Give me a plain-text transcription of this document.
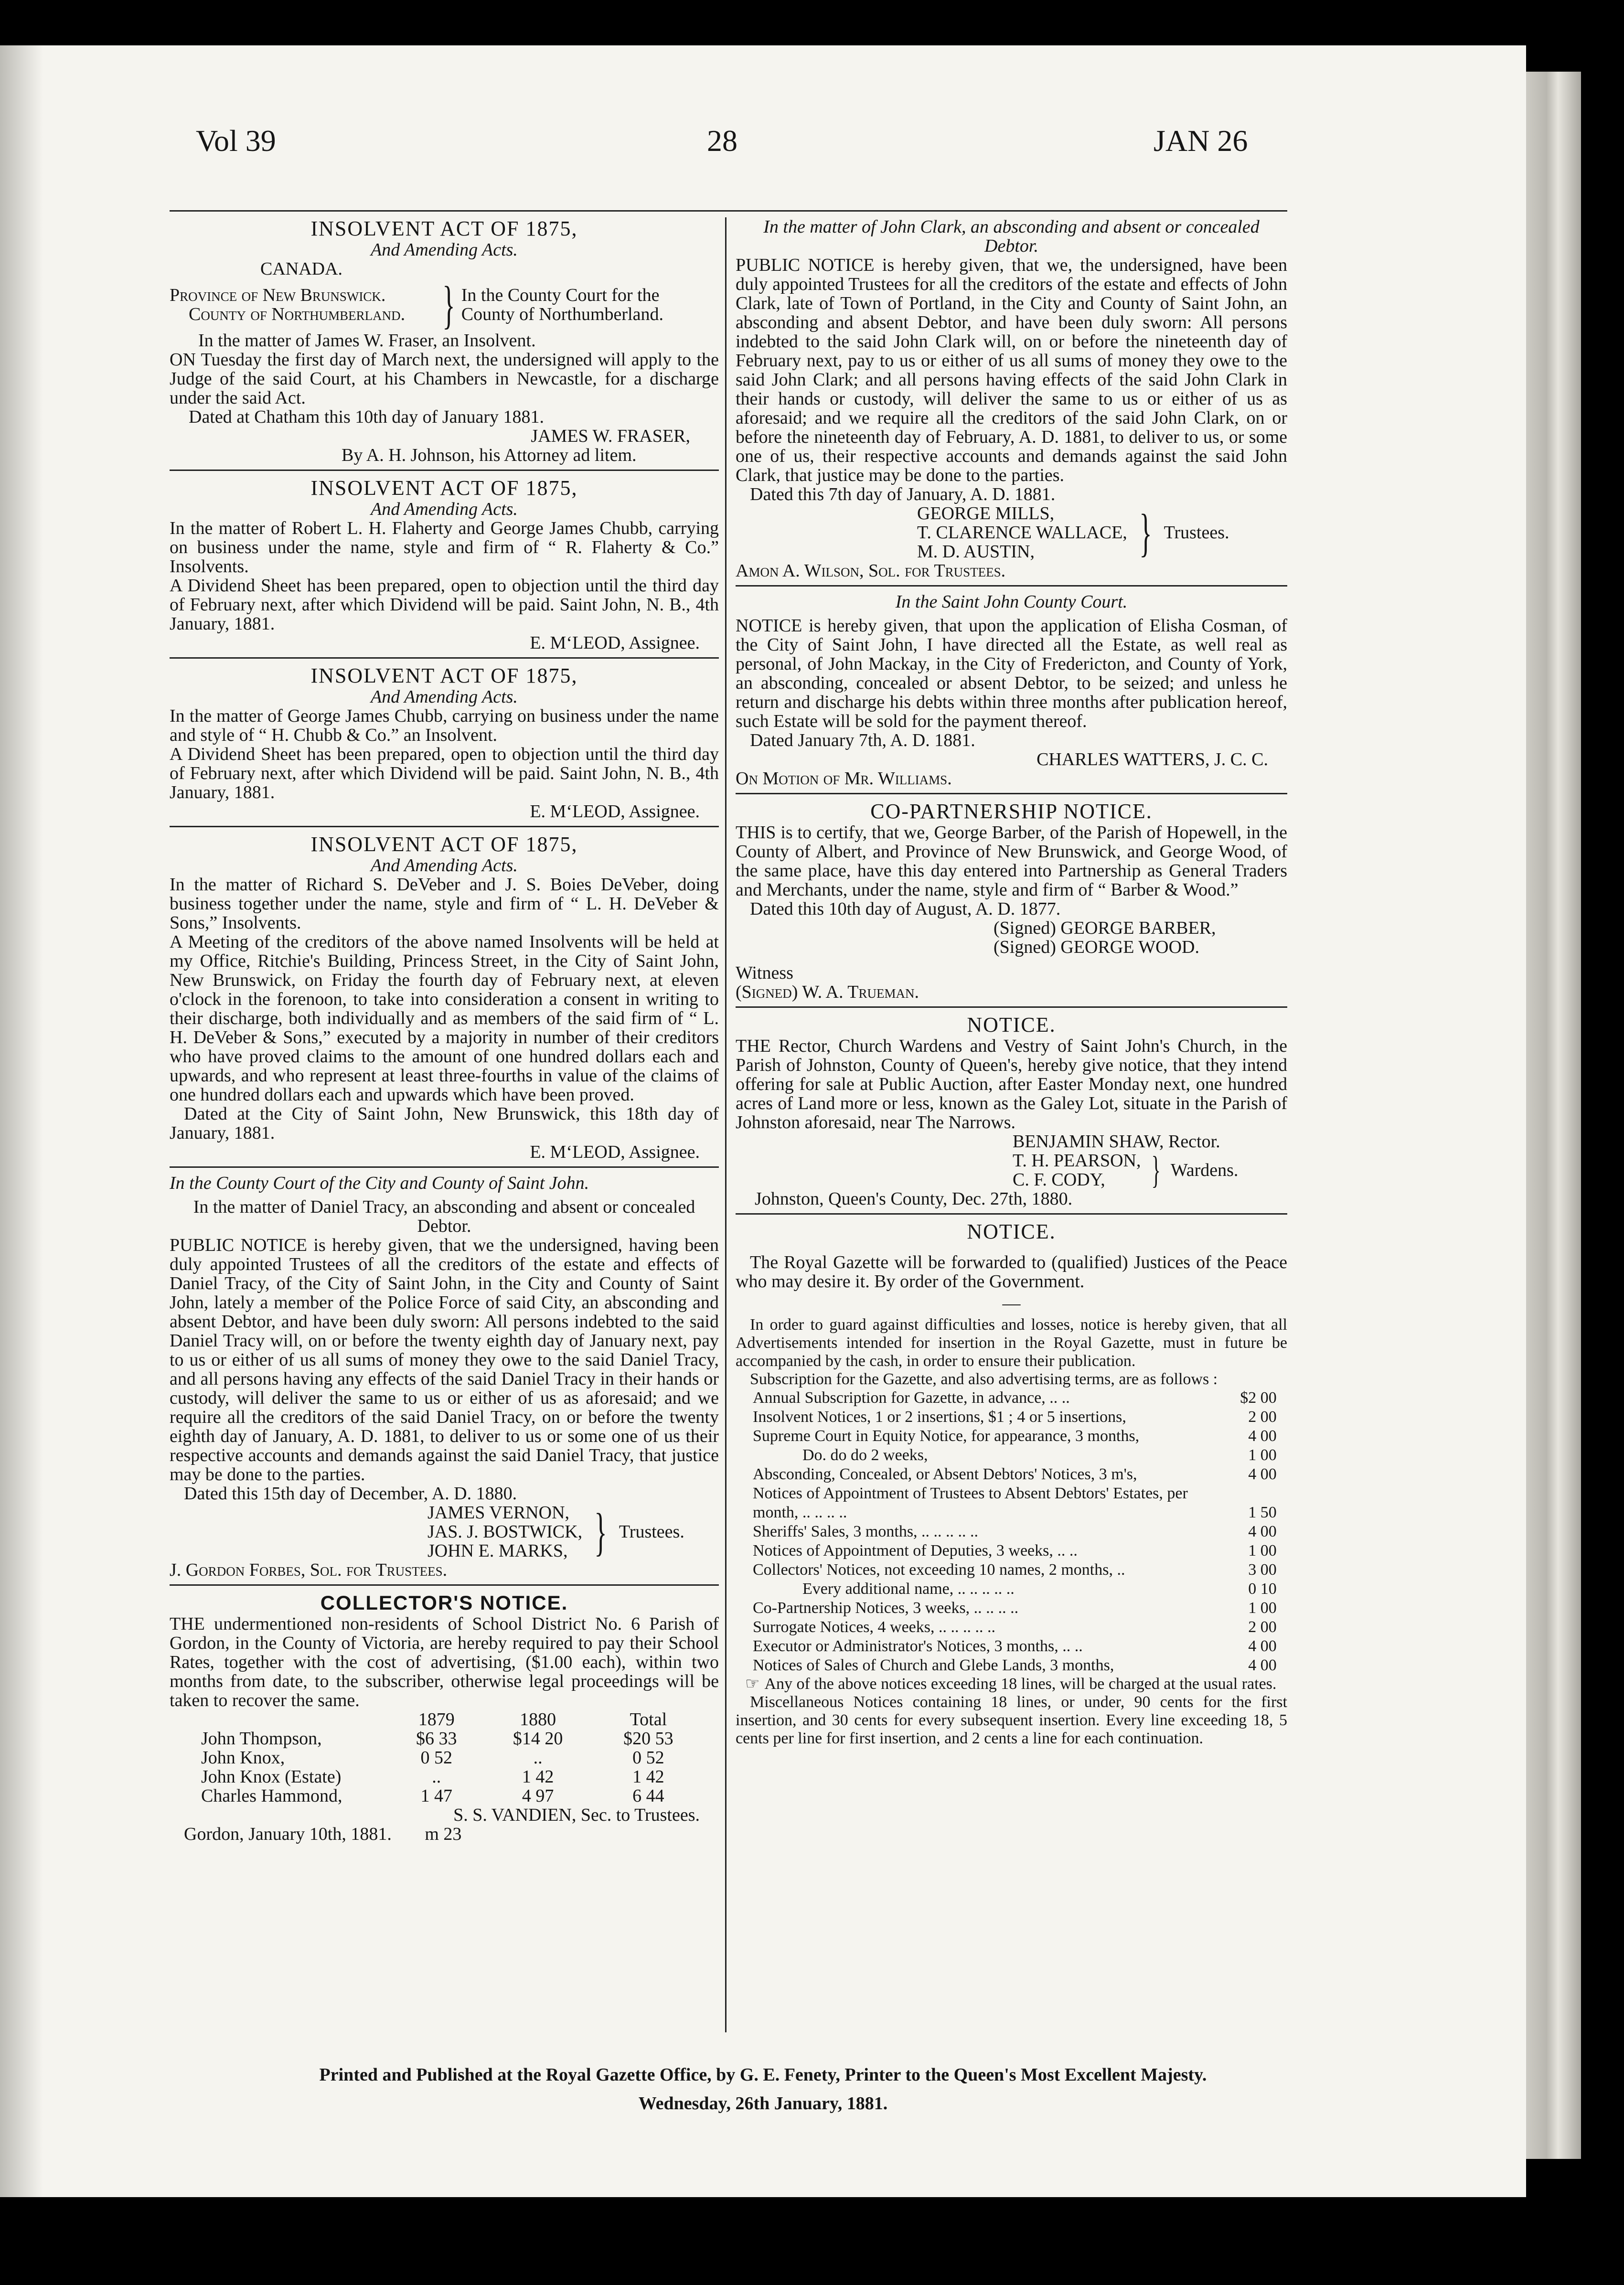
Vol 39	28	JAN 26
INSOLVENT ACT OF 1875,
And Amending Acts.
CANADA.
Province of New Brunswick.
County of Northumberland. } In the County Court for the
County of Northumberland.
In the matter of James W. Fraser, an Insolvent.

ON Tuesday the first day of March next, the undersigned will apply to the Judge of the said Court, at his Chambers in Newcastle, for a discharge under the said Act.

Dated at Chatham this 10th day of January 1881.
JAMES W. FRASER,
By A. H. Johnson, his Attorney ad litem.
INSOLVENT ACT OF 1875,
And Amending Acts.

In the matter of Robert L. H. Flaherty and George James Chubb, carrying on business under the name, style and firm of “ R. Flaherty & Co.” Insolvents.

A Dividend Sheet has been prepared, open to objection until the third day of February next, after which Dividend will be paid. Saint John, N. B., 4th January, 1881.

E. M‘LEOD, Assignee.
INSOLVENT ACT OF 1875,
And Amending Acts.

In the matter of George James Chubb, carrying on business under the name and style of “ H. Chubb & Co.” an Insolvent.

A Dividend Sheet has been prepared, open to objection until the third day of February next, after which Dividend will be paid. Saint John, N. B., 4th January, 1881.

E. M‘LEOD, Assignee.
INSOLVENT ACT OF 1875,
And Amending Acts.

In the matter of Richard S. DeVeber and J. S. Boies DeVeber, doing business together under the name, style and firm of “ L. H. DeVeber & Sons,” Insolvents.

A Meeting of the creditors of the above named Insolvents will be held at my Office, Ritchie's Building, Princess Street, in the City of Saint John, New Brunswick, on Friday the fourth day of February next, at eleven o'clock in the forenoon, to take into consideration a consent in writing to their discharge, both individually and as members of the said firm of “ L. H. DeVeber & Sons,” executed by a majority in number of their creditors who have proved claims to the amount of one hundred dollars each and upwards, and who represent at least three-fourths in value of the claims of one hundred dollars each and upwards which have been proved.

Dated at the City of Saint John, New Brunswick, this 18th day of January, 1881.

E. M‘LEOD, Assignee.
In the County Court of the City and County of Saint John.
In the matter of Daniel Tracy, an absconding and absent or concealed Debtor.

PUBLIC NOTICE is hereby given, that we the undersigned, having been duly appointed Trustees of all the creditors of the estate and effects of Daniel Tracy, of the City of Saint John, in the City and County of Saint John, lately a member of the Police Force of said City, an absconding and absent Debtor, and have been duly sworn: All persons indebted to the said Daniel Tracy will, on or before the twenty eighth day of January next, pay to us or either of us all sums of money they owe to the said Daniel Tracy, and all persons having any effects of the said Daniel Tracy in their hands or custody, will deliver the same to us or either of us as aforesaid; and we require all the creditors of the said Daniel Tracy, on or before the twenty eighth day of January, A. D. 1881, to deliver to us or some one of us their respective accounts and demands against the said Daniel Tracy, that justice may be done to the parties.

Dated this 15th day of December, A. D. 1880.
JAMES VERNON,
JAS. J. BOSTWICK,
JOHN E. MARKS, } Trustees.
J. Gordon Forbes, Sol. for Trustees.
COLLECTOR'S NOTICE.

THE undermentioned non-residents of School District No. 6 Parish of Gordon, in the County of Victoria, are hereby required to pay their School Rates, together with the cost of advertising, ($1.00 each), within two months from date, to the subscriber, otherwise legal proceedings will be taken to recover the same.

	1879	1880	Total
John Thompson,	$6 33	$14 20	$20 53
John Knox,	0 52	..	0 52
John Knox (Estate)	..	1 42	1 42
Charles Hammond,	1 47	4 97	6 44
S. S. VANDIEN, Sec. to Trustees.
Gordon, January 10th, 1881. m 23
In the matter of John Clark, an absconding and absent or concealed Debtor.

PUBLIC NOTICE is hereby given, that we, the undersigned, have been duly appointed Trustees for all the creditors of the estate and effects of John Clark, late of Town of Portland, in the City and County of Saint John, an absconding and absent Debtor, and have been duly sworn: All persons indebted to the said John Clark will, on or before the nineteenth day of February next, pay to us or either of us all sums of money they owe to the said John Clark; and all persons having effects of the said John Clark in their hands or custody, will deliver the same to us or either of us as aforesaid; and we require all the creditors of the said John Clark, on or before the nineteenth day of February, A. D. 1881, to deliver to us, or some one of us, their respective accounts and demands against the said John Clark, that justice may be done to the parties.

Dated this 7th day of January, A. D. 1881.
GEORGE MILLS,
T. CLARENCE WALLACE,
M. D. AUSTIN,	} Trustees.
Amon A. Wilson, Sol. for Trustees.
In the Saint John County Court.

NOTICE is hereby given, that upon the application of Elisha Cosman, of the City of Saint John, I have directed all the Estate, as well real as personal, of John Mackay, in the City of Fredericton, and County of York, an absconding, concealed or absent Debtor, to be seized; and unless he return and discharge his debts within three months after publication hereof, such Estate will be sold for the payment thereof.

Dated January 7th, A. D. 1881.
CHARLES WATTERS, J. C. C.
On Motion of Mr. Williams.
CO-PARTNERSHIP NOTICE.

THIS is to certify, that we, George Barber, of the Parish of Hopewell, in the County of Albert, and Province of New Brunswick, and George Wood, of the same place, have this day entered into Partnership as General Traders and Merchants, under the name, style and firm of “ Barber & Wood.”

Dated this 10th day of August, A. D. 1877.
(Signed) GEORGE BARBER,
(Signed) GEORGE WOOD.
Witness
(Signed) W. A. Trueman.
NOTICE.

THE Rector, Church Wardens and Vestry of Saint John's Church, in the Parish of Johnston, County of Queen's, hereby give notice, that they intend offering for sale at Public Auction, after Easter Monday next, one hundred acres of Land more or less, known as the Galey Lot, situate in the Parish of Johnston aforesaid, near The Narrows.

BENJAMIN SHAW, Rector.
T. H. PEARSON,
C. F. CODY,	} Wardens.
Johnston, Queen's County, Dec. 27th, 1880.
NOTICE.

The Royal Gazette will be forwarded to (qualified) Justices of the Peace who may desire it. By order of the Government.

—

In order to guard against difficulties and losses, notice is hereby given, that all Advertisements intended for insertion in the Royal Gazette, must in future be accompanied by the cash, in order to ensure their publication.

Subscription for the Gazette, and also advertising terms, are as follows :

Annual Subscription for Gazette, in advance, .. ..	$2 00
Insolvent Notices, 1 or 2 insertions, $1 ; 4 or 5 insertions,	2 00
Supreme Court in Equity Notice, for appearance, 3 months,	4 00
Do. do do 2 weeks,	1 00
Absconding, Concealed, or Absent Debtors' Notices, 3 m's,	4 00
Notices of Appointment of Trustees to Absent Debtors' Estates, per month, .. .. .. ..	1 50
Sheriffs' Sales, 3 months, .. .. .. .. ..	4 00
Notices of Appointment of Deputies, 3 weeks, .. ..	1 00
Collectors' Notices, not exceeding 10 names, 2 months, ..	3 00
Every additional name, .. .. .. .. ..	0 10
Co-Partnership Notices, 3 weeks, .. .. .. ..	1 00
Surrogate Notices, 4 weeks, .. .. .. .. ..	2 00
Executor or Administrator's Notices, 3 months, .. ..	4 00
Notices of Sales of Church and Glebe Lands, 3 months,	4 00
☞ Any of the above notices exceeding 18 lines, will be charged at the usual rates.

Miscellaneous Notices containing 18 lines, or under, 90 cents for the first insertion, and 30 cents for every subsequent insertion. Every line exceeding 18, 5 cents per line for first insertion, and 2 cents a line for each continuation.

Printed and Published at the Royal Gazette Office, by G. E. Fenety, Printer to the Queen's Most Excellent Majesty.
Wednesday, 26th January, 1881.
